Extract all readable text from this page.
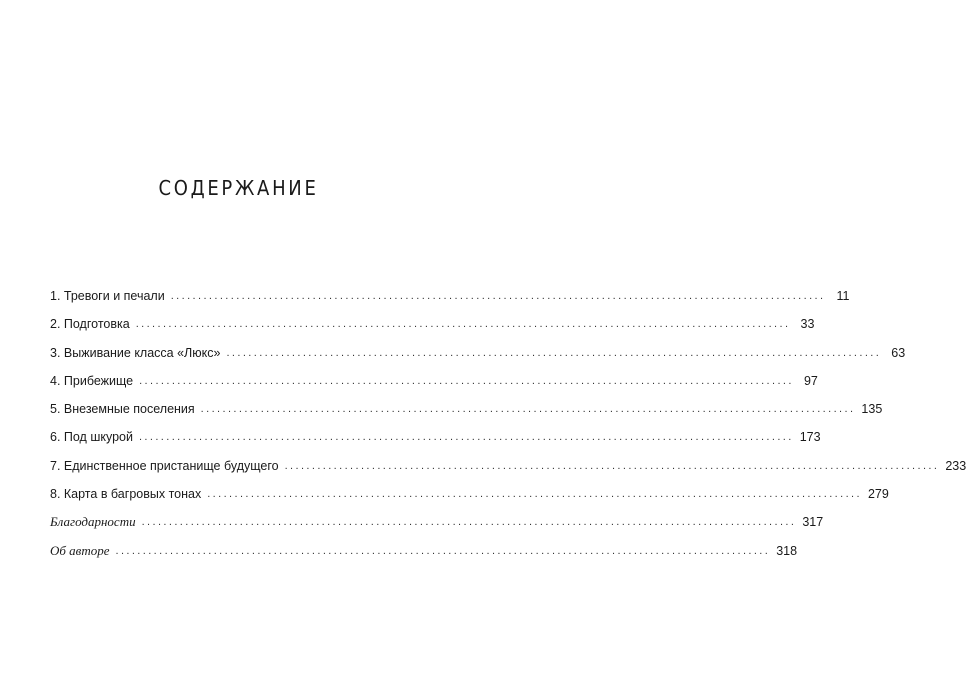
СОДЕРЖАНИЕ
1. Тревоги и печали ........................................................................................................................ 11
2. Подготовка ........................................................................................................................ 33
3. Выживание класса «Люкс» ........................................................................................................................ 63
4. Прибежище ........................................................................................................................ 97
5. Внеземные поселения ........................................................................................................................ 135
6. Под шкурой ........................................................................................................................ 173
7. Единственное пристанище будущего ........................................................................................................................ 233
8. Карта в багровых тонах ........................................................................................................................ 279
Благодарности ........................................................................................................................ 317
Об авторе ........................................................................................................................ 318
